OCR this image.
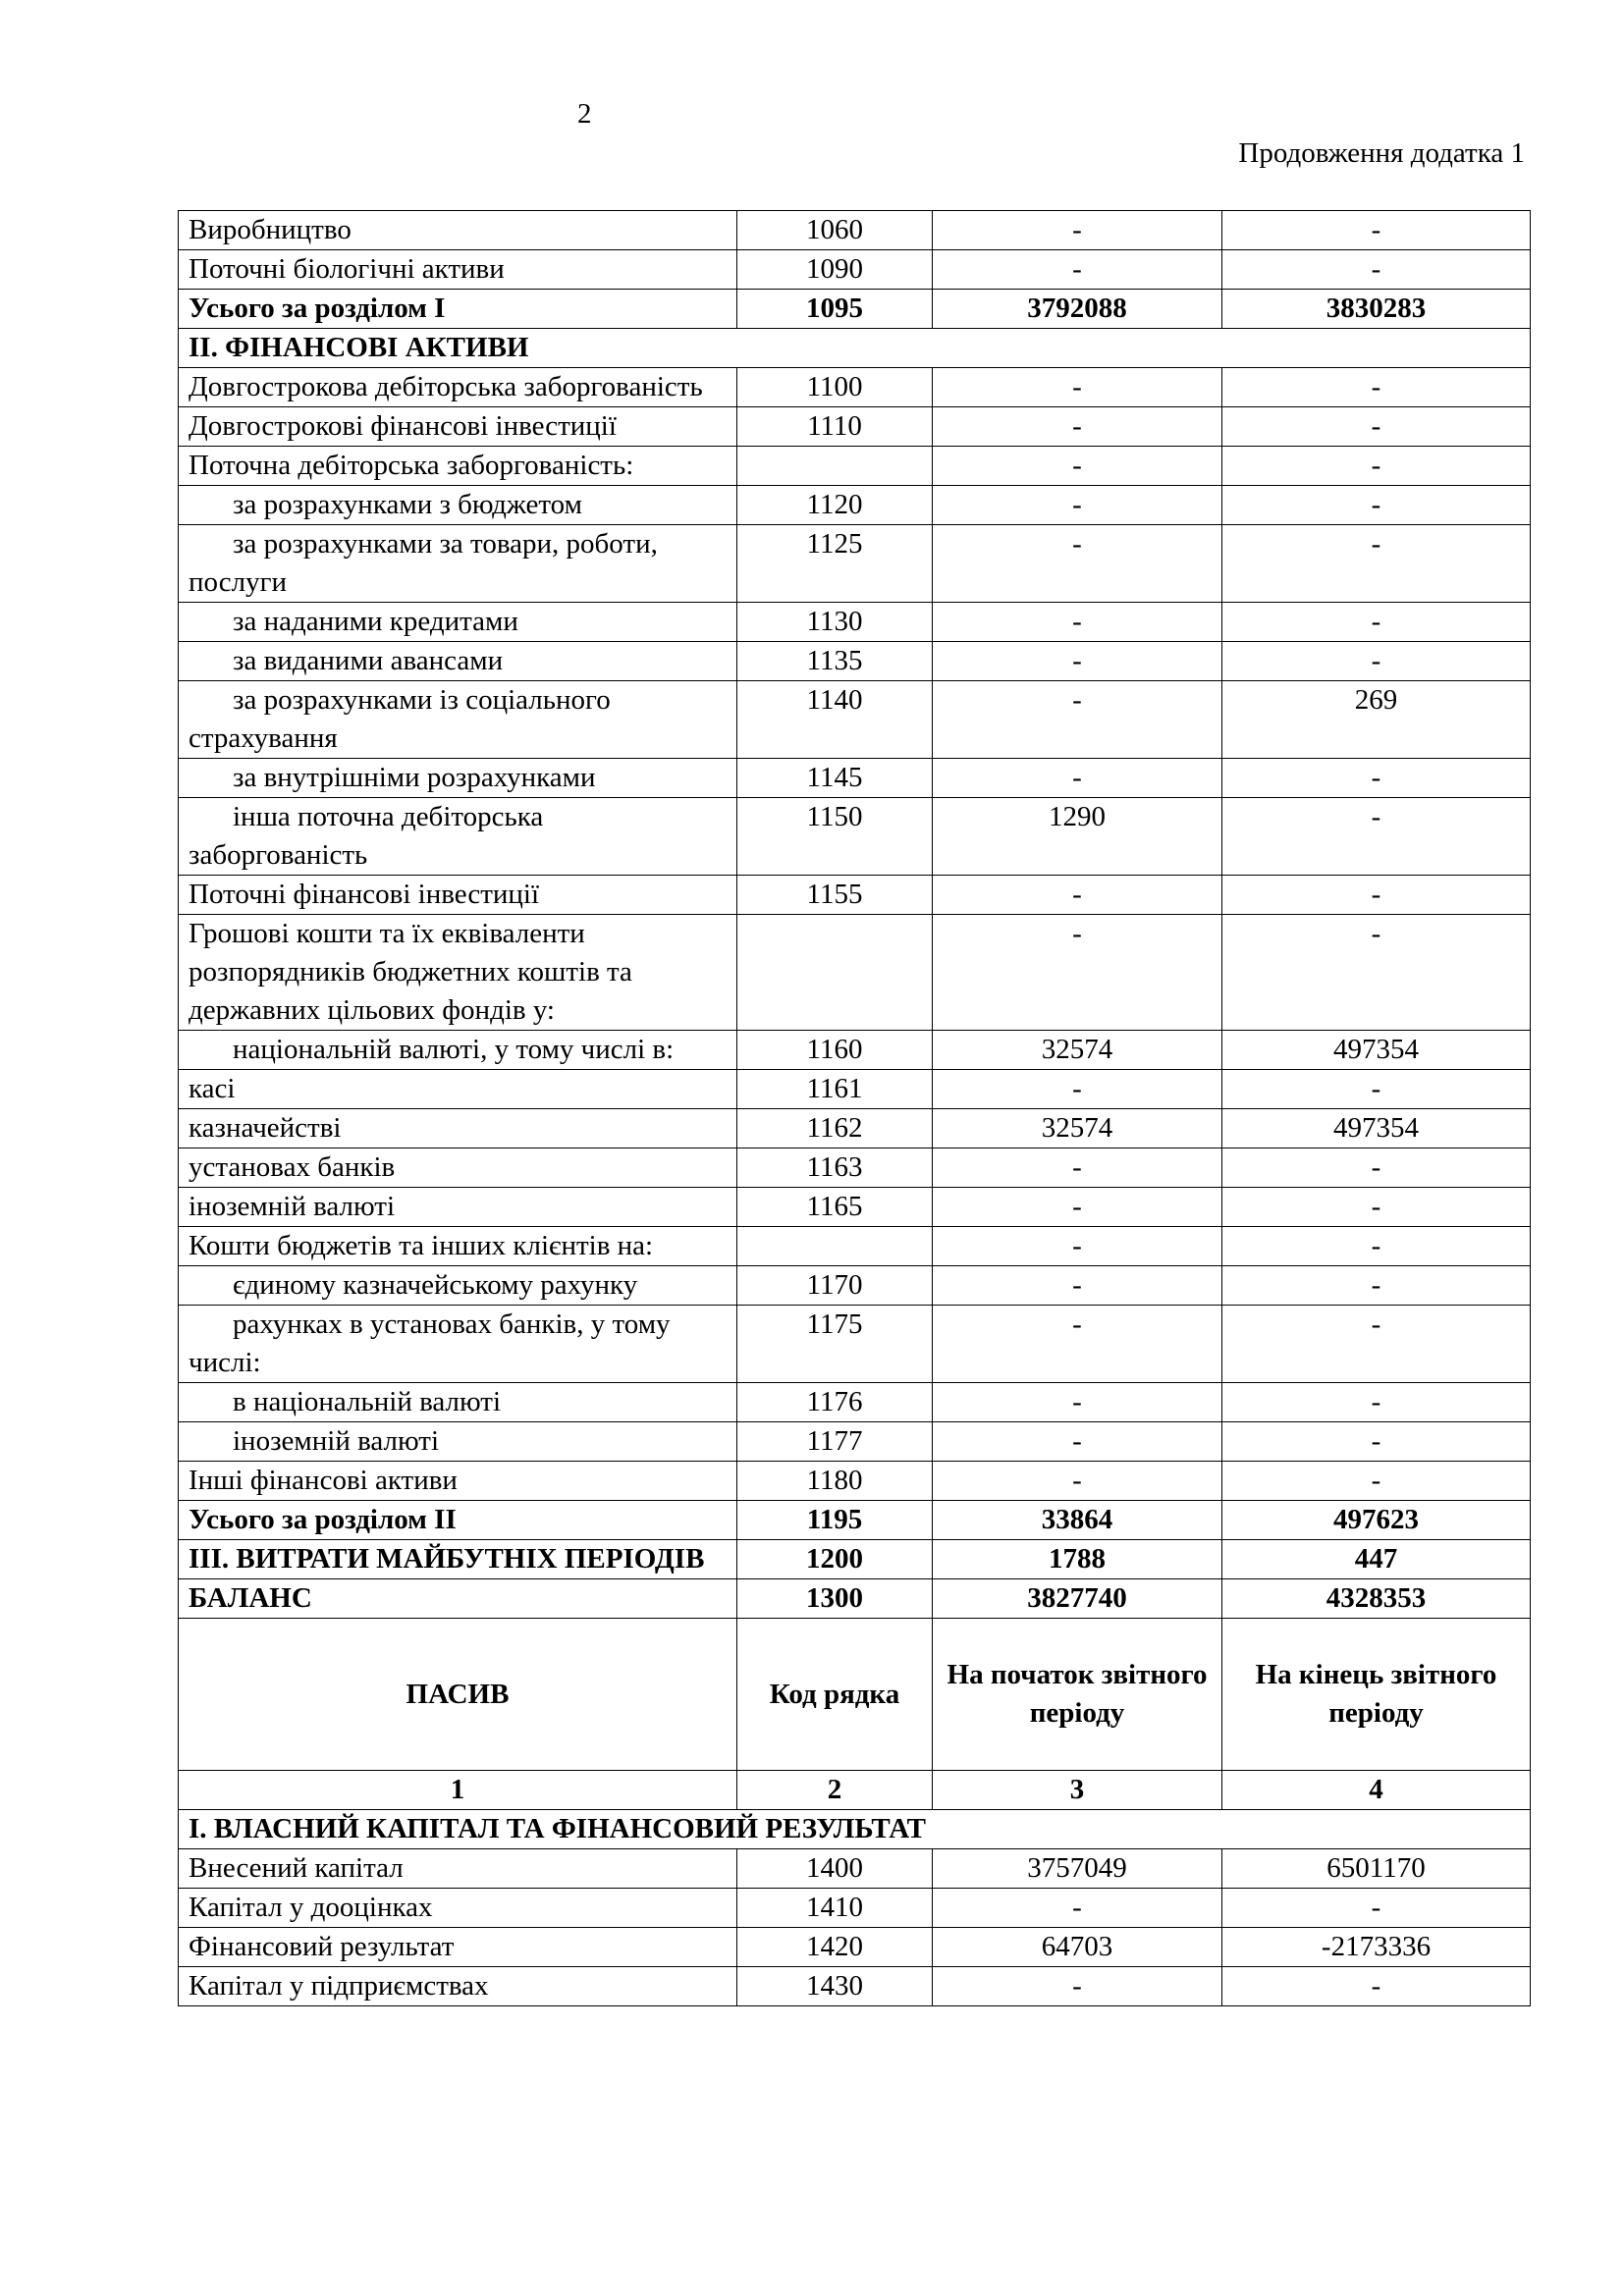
2
Продовження додатка 1
Виробництво	1060	-	-
Поточні біологічні активи	1090	-	-
Усього за розділом І	1095	3792088	3830283
ІІ. ФІНАНСОВІ АКТИВИ			
Довгострокова дебіторська заборгованість	1100	-	-
Довгострокові фінансові інвестиції	1110	-	-
Поточна дебіторська заборгованість:		-	-
за розрахунками з бюджетом	1120	-	-
за розрахунками за товари, роботи, послуги	1125	-	-
за наданими кредитами	1130	-	-
за виданими авансами	1135	-	-
за розрахунками із соціального страхування	1140	-	269
за внутрішніми розрахунками	1145	-	-
інша поточна дебіторська заборгованість	1150	1290	-
Поточні фінансові інвестиції	1155	-	-
Грошові кошти та їх еквіваленти розпорядників бюджетних коштів та державних цільових фондів у:		-	-
національній валюті, у тому числі в:	1160	32574	497354
касі	1161	-	-
казначействі	1162	32574	497354
установах банків	1163	-	-
іноземній валюті	1165	-	-
Кошти бюджетів та інших клієнтів на:		-	-
єдиному казначейському рахунку	1170	-	-
рахунках в установах банків, у тому числі:	1175	-	-
в національній валюті	1176	-	-
іноземній валюті	1177	-	-
Інші фінансові активи	1180	-	-
Усього за розділом ІІ	1195	33864	497623
ІІІ. ВИТРАТИ МАЙБУТНІХ ПЕРІОДІВ	1200	1788	447
БАЛАНС	1300	3827740	4328353
ПАСИВ	Код рядка	На початок звітного періоду	На кінець звітного періоду
1	2	3	4
І. ВЛАСНИЙ КАПІТАЛ ТА ФІНАНСОВИЙ РЕЗУЛЬТАТ			
Внесений капітал	1400	3757049	6501170
Капітал у дооцінках	1410	-	-
Фінансовий результат	1420	64703	-2173336
Капітал у підприємствах	1430	-	-
